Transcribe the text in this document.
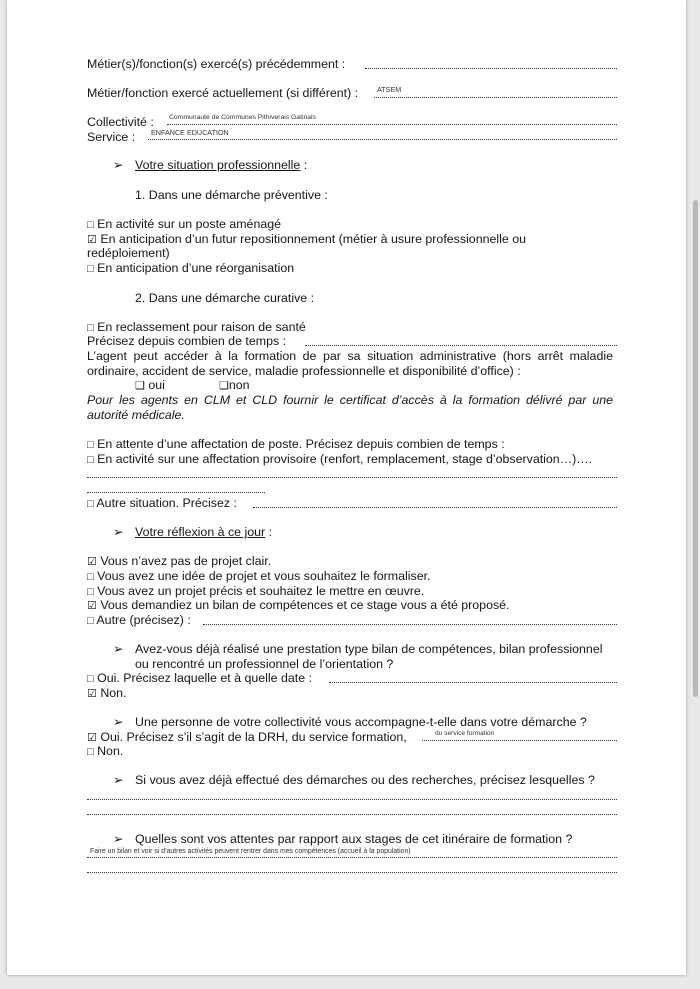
Métier(s)/fonction(s) exercé(s) précédemment :
Métier/fonction exercé actuellement (si différent) :	ATSEM
Collectivité : Communauté de Communes Pithiverais Gatinais
Service : ENFANCE EDUCATION
➢ Votre situation professionnelle :
1. Dans une démarche préventive :
□ En activité sur un poste aménagé
☑ En anticipation d’un futur repositionnement (métier à usure professionnelle ou
redéploiement)
□ En anticipation d’une réorganisation
2. Dans une démarche curative :
□ En reclassement pour raison de santé
Précisez depuis combien de temps :
L’agent peut accéder à la formation de par sa situation administrative (hors arrêt maladie ordinaire, accident de service, maladie professionnelle et disponibilité d’office) :
❑ oui	❑non
Pour les agents en CLM et CLD fournir le certificat d’accès à la formation délivré par une autorité médicale.
□ En attente d’une affectation de poste. Précisez depuis combien de temps :
□ En activité sur une affectation provisoire (renfort, remplacement, stage d’observation…)….
□ Autre situation. Précisez :
➢ Votre réflexion à ce jour :
☑ Vous n’avez pas de projet clair.
□ Vous avez une idée de projet et vous souhaitez le formaliser.
□ Vous avez un projet précis et souhaitez le mettre en œuvre.
☑ Vous demandiez un bilan de compétences et ce stage vous a été proposé.
□ Autre (précisez) :
➢ Avez-vous déjà réalisé une prestation type bilan de compétences, bilan professionnel
ou rencontré un professionnel de l’orientation ?
□ Oui. Précisez laquelle et à quelle date :
☑ Non.
➢ Une personne de votre collectivité vous accompagne-t-elle dans votre démarche ?
☑ Oui. Précisez s’il s’agit de la DRH, du service formation,	du service formation
□ Non.
➢ Si vous avez déjà effectué des démarches ou des recherches, précisez lesquelles ?
➢ Quelles sont vos attentes par rapport aux stages de cet itinéraire de formation ?
Faire un bilan et voir si d’autres activités peuvent rentrer dans mes compétences (accueil à la population)
